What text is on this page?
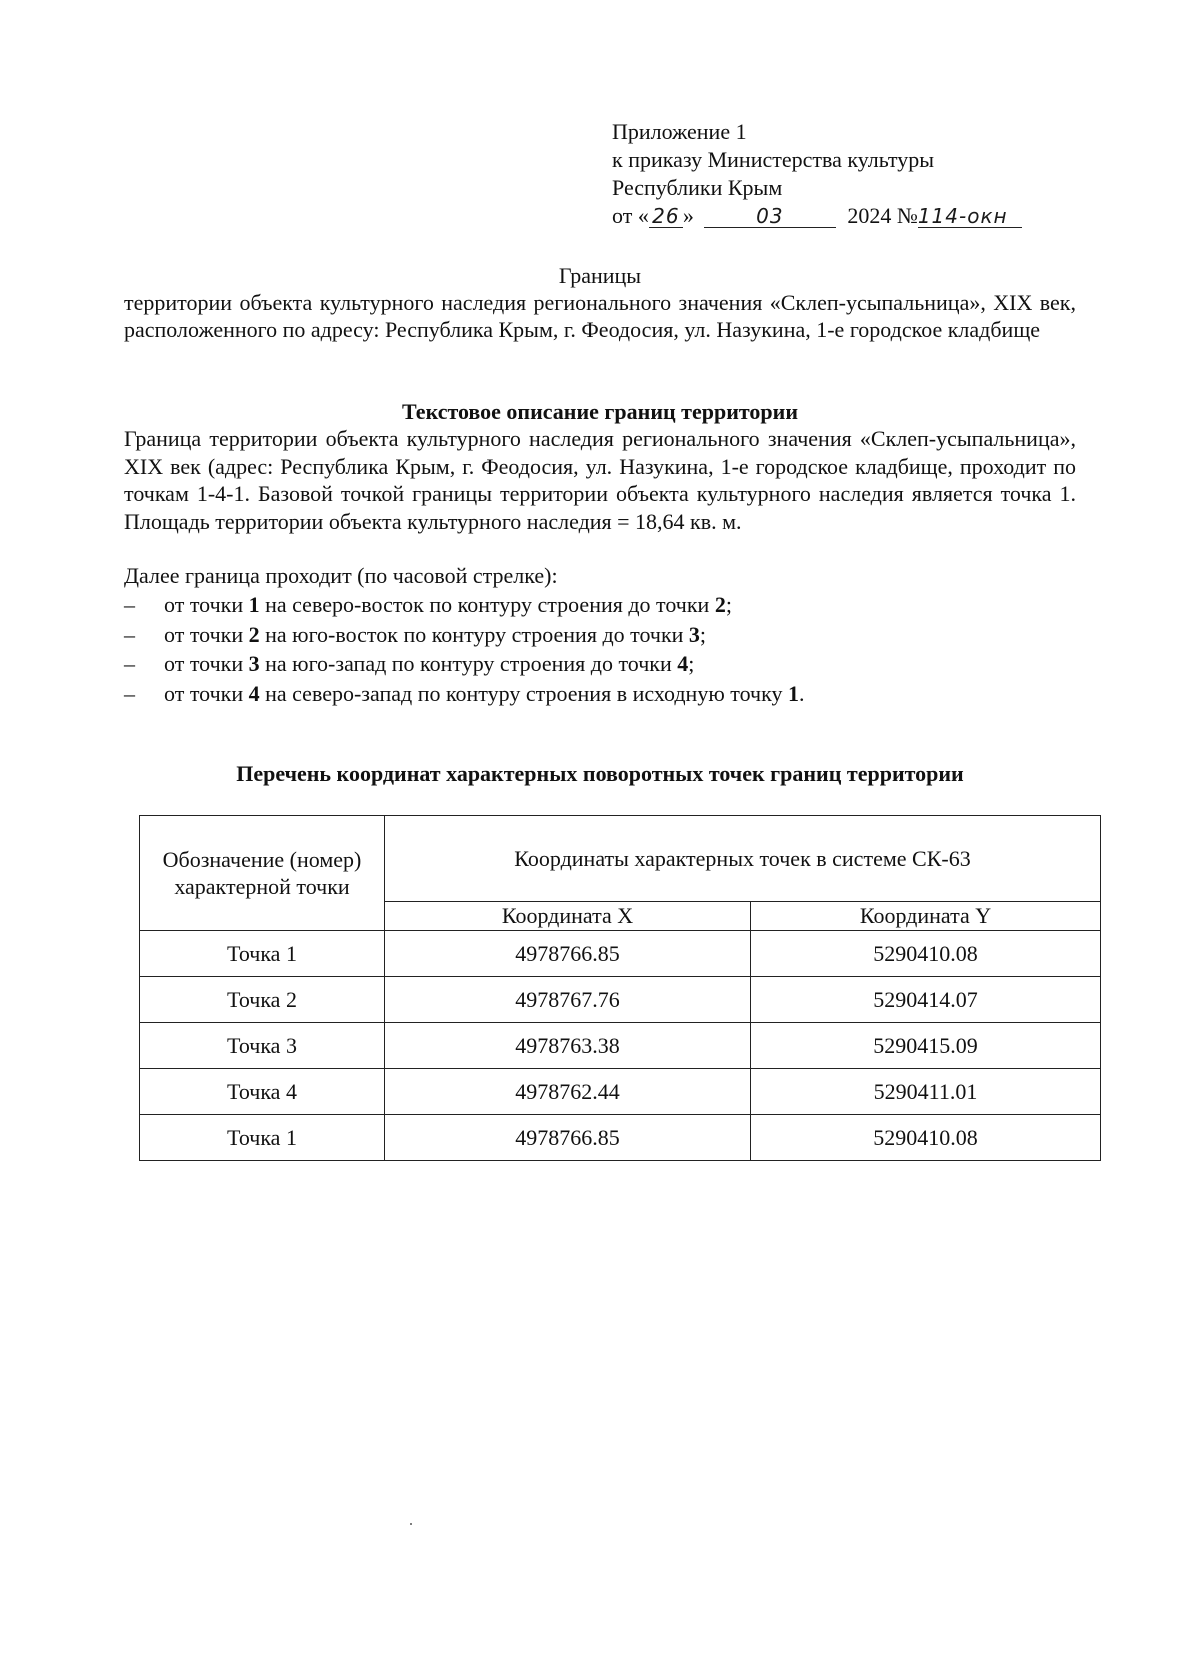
Приложение 1
к приказу Министерства культуры
Республики Крым
от « 26 »	03	2024 №114-окн
Границы
территории объекта культурного наследия регионального значения «Склеп-усыпальница», XIX век, расположенного по адресу: Республика Крым, г. Феодосия, ул. Назукина, 1-е городское кладбище
Текстовое описание границ территории
Граница территории объекта культурного наследия регионального значения «Склеп-усыпальница», XIX век (адрес: Республика Крым, г. Феодосия, ул. Назукина, 1-е городское кладбище, проходит по точкам 1-4-1. Базовой точкой границы территории объекта культурного наследия является точка 1. Площадь территории объекта культурного наследия = 18,64 кв. м.
Далее граница проходит (по часовой стрелке):
– от точки 1 на северо-восток по контуру строения до точки 2;
– от точки 2 на юго-восток по контуру строения до точки 3;
– от точки 3 на юго-запад по контуру строения до точки 4;
– от точки 4 на северо-запад по контуру строения в исходную точку 1.
Перечень координат характерных поворотных точек границ территории
Обозначение (номер)
характерной точки	Координаты характерных точек в системе СК-63	
	Координата X	Координата Y
Точка 1	4978766.85	5290410.08
Точка 2	4978767.76	5290414.07
Точка 3	4978763.38	5290415.09
Точка 4	4978762.44	5290411.01
Точка 1	4978766.85	5290410.08
